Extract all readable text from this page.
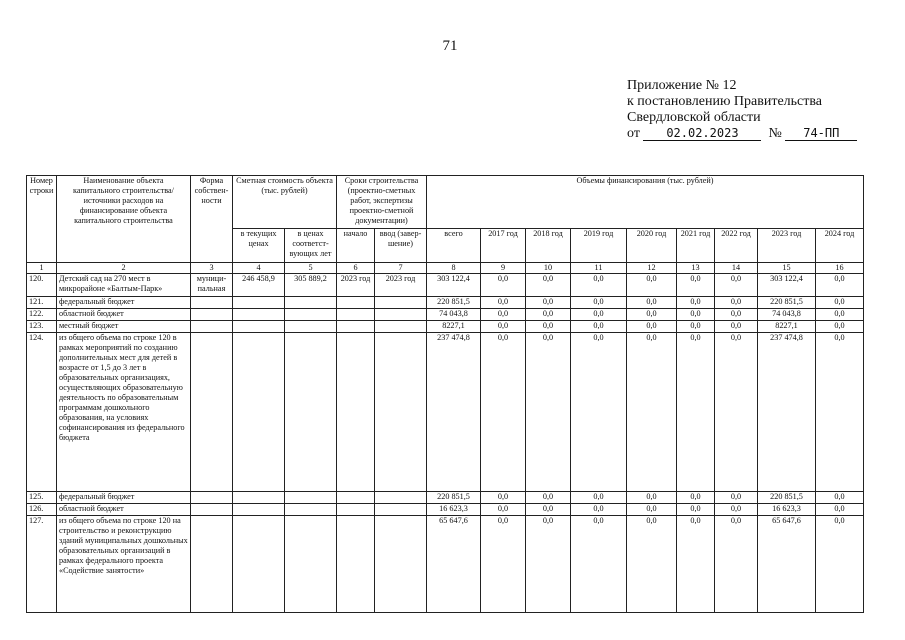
71
Приложение № 12
к постановлению Правительства
Свердловской области
от 02.02.2023 № 74-ПП
Номер строки	Наименование объекта капитального строительства/ источники расходов на финансирование объекта капитального строительства	Форма собствен-ности	Сметная стоимость объекта (тыс. рублей)		Сроки строительства (проектно-сметных работ, экспертизы проектно-сметной документации)		Объемы финансирования (тыс. рублей)								
			в текущих ценах	в ценах соответст-вующих лет	начало	ввод (завер-шение)	всего	2017 год	2018 год	2019 год	2020 год	2021 год	2022 год	2023 год	2024 год
1	2	3	4	5	6	7	8	9	10	11	12	13	14	15	16
120.	Детский сад на 270 мест в микрорайоне «Балтым-Парк»	муници-пальная	246 458,9	305 889,2	2023 год	2023 год	303 122,4	0,0	0,0	0,0	0,0	0,0	0,0	303 122,4	0,0
121.	федеральный бюджет						220 851,5	0,0	0,0	0,0	0,0	0,0	0,0	220 851,5	0,0
122.	областной бюджет						74 043,8	0,0	0,0	0,0	0,0	0,0	0,0	74 043,8	0,0
123.	местный бюджет						8227,1	0,0	0,0	0,0	0,0	0,0	0,0	8227,1	0,0
124.	из общего объема по строке 120 в рамках мероприятий по созданию дополнительных мест для детей в возрасте от 1,5 до 3 лет в образовательных организациях, осуществляющих образовательную деятельность по образовательным программам дошкольного образования, на условиях софинансирования из федерального бюджета						237 474,8	0,0	0,0	0,0	0,0	0,0	0,0	237 474,8	0,0
125.	федеральный бюджет						220 851,5	0,0	0,0	0,0	0,0	0,0	0,0	220 851,5	0,0
126.	областной бюджет						16 623,3	0,0	0,0	0,0	0,0	0,0	0,0	16 623,3	0,0
127.	из общего объема по строке 120 на строительство и реконструкцию зданий муниципальных дошкольных образовательных организаций в рамках федерального проекта «Содействие занятости»						65 647,6	0,0	0,0	0,0	0,0	0,0	0,0	65 647,6	0,0
